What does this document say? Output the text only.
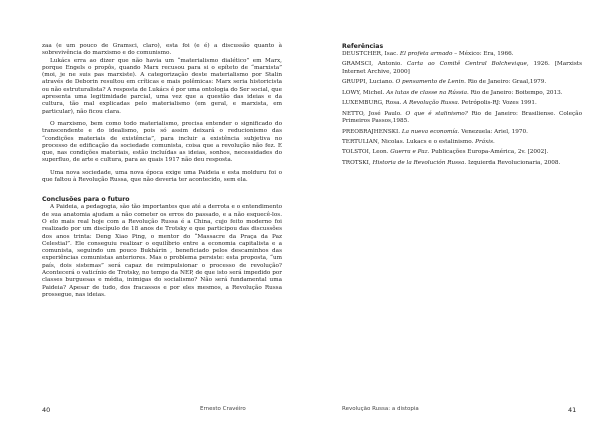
zaa (e um pouco de Gramsci, claro), esta foi (e é) a discussão quanto à sobrevivência do marxismo e do comunismo.

Lukács erra ao dizer que não havia um “materialismo dialético” em Marx, porque Engels o propôs, quando Marx recusou para si o epíteto de “marxista” (moi, je ne suis pas marxiste). A categorização deste materialismo por Stalin através de Deborin resultou em críticas e mais polêmicas: Marx seria historicista ou não estruturalista? A resposta de Lukács é por uma ontologia do Ser social, que apresenta uma legitimidade parcial, uma vez que a questão das ideias e da cultura, tão mal explicadas pelo materialismo (em geral, e marxista, em particular), não ficou clara.

O marxismo, bem como todo materialismo, precisa entender o significado do transcendente e do idealismo, pois só assim deixará o reducionismo das “condições materiais de existência”, para incluir a existência subjetiva no processo de edificação da sociedade comunista, coisa que a revolução não fez. E que, nas condições materiais, estão incluídas as ideias, sonhos, necessidades do superfluo, de arte e cultura, para as quais 1917 não deu resposta.

Uma nova sociedade, uma nova época exige uma Paideia e esta molduru foi o que faltou à Revolução Russa, que não deveria ter acontecido, sem ela.

Conclusões para o futuro

A Paideia, a pedagogia, são tão importantes que até a derrota e o entendimento de sua anatomia ajudam a não cometer os erros do passado, e a não esquecê-los. O elo mais real hoje com a Revolução Russa é a China, cujo feito moderno foi realizado por um discípulo de 18 anos de Trotsky e que participou das discussões dos anos trinta: Deng Xiao Ping, o mentor do “Massacre da Praça da Paz Celestial”. Ele conseguiu realizar o equilíbrio entre a economia capitalista e a comunista, seguindo um pouco Bukhárin , beneficiado pelos descaminhos das experiências comunistas anteriores. Mas o problema persiste: esta proposta, “um país, dois sistemas” será capaz de reimpulsionar o processo de revolução? Acontecerá o vaticínio de Trotsky, no tempo da NEP, de que isto será impedido por classes burguesas e média, inimigas do socialismo? Não será fundamental uma Paideia? Apesar de tudo, dos fracassos e por eles mesmos, a Revolução Russa prossegue, nas ideias.

40	Ernesto Cravéiro
Referências
DEUSTCHER, Isac. El profeta armado – México: Era, 1966.
GRAMSCI, Antonio. Carta ao Comitê Central Bolchevique, 1926. [Marxists Internet Archive, 2000]
GRUPPI, Luciano. O pensamento de Lenin. Rio de Janeiro: Graal,1979.
LOWY, Michel. As lutas de classe na Rússia. Rio de Janeiro: Boitempo, 2013.
LUXEMBURG, Rosa. A Revolução Russa. Petrópolis-RJ: Vozes 1991.
NETTO, José Paulo. O que é stalinismo? Rio de Janeiro: Brasiliense. Coleção Primeiros Passos,1985.
PREOBRAJHENSKI. La nueva economía. Venezuela: Ariel, 1970.
TERTULIAN, Nicolas. Lukacs e o estalinismo. Práxis.
TOLSTOI, Leon. Guerra e Paz. Publicações Europa-América, 2v. [2002].
TROTSKI, Historia de la Revolución Russa. Izquierda Revolucionaria, 2008.
Revolução Russa: a distopia	41
